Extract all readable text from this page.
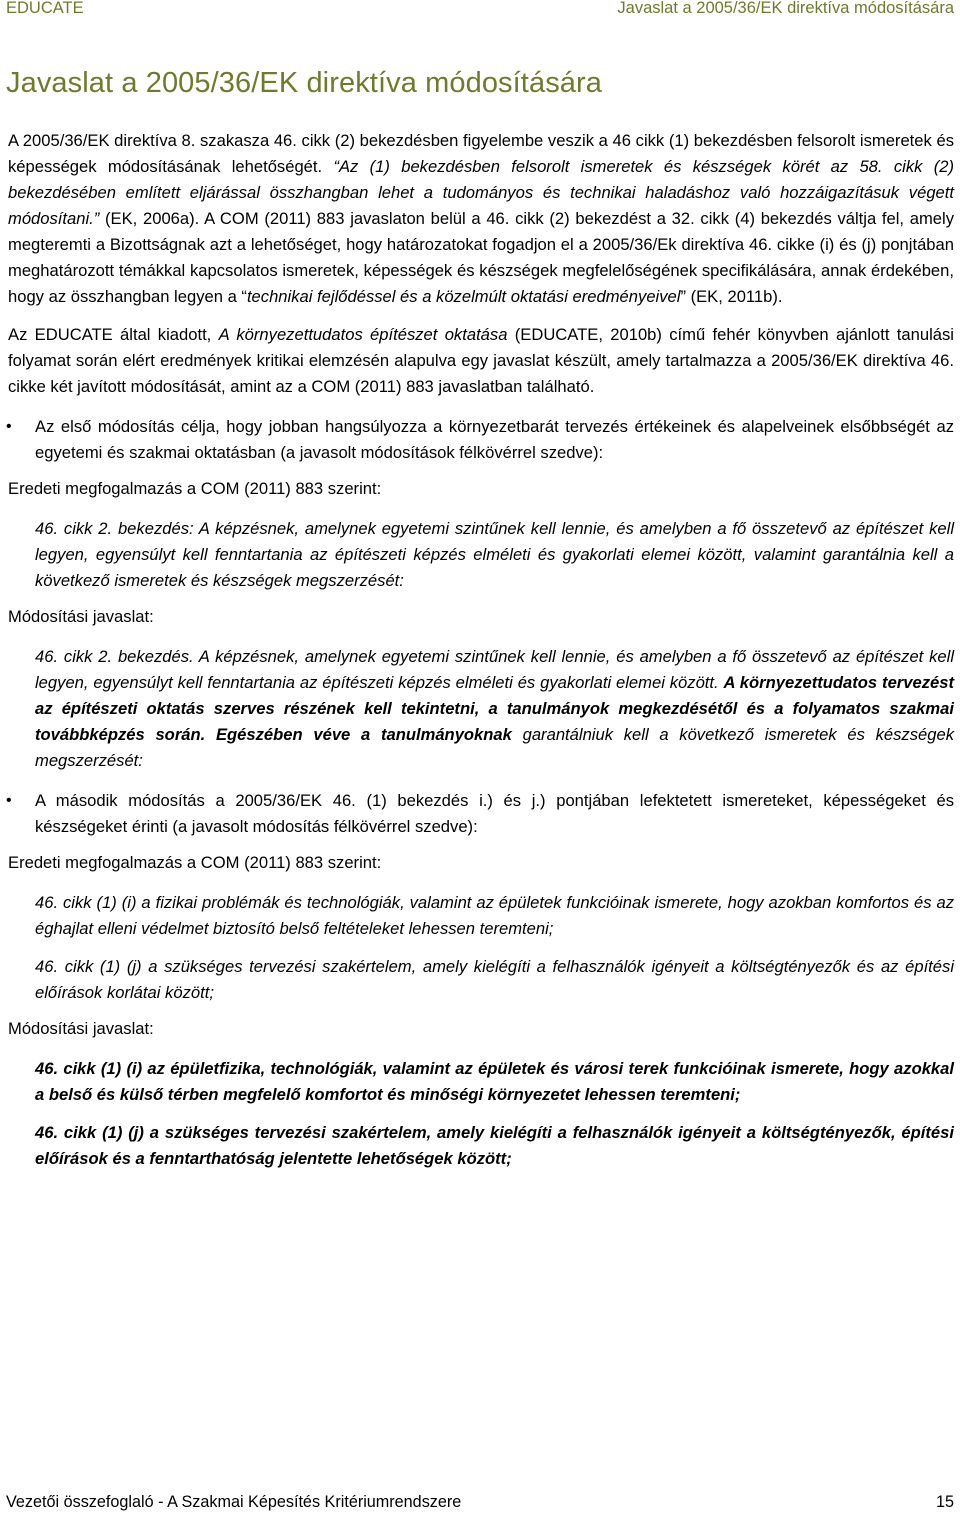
EDUCATE	Javaslat a 2005/36/EK direktíva módosítására
Javaslat a 2005/36/EK direktíva módosítására

A 2005/36/EK direktíva 8. szakasza 46. cikk (2) bekezdésben figyelembe veszik a 46 cikk (1) bekezdésben felsorolt ismeretek és képességek módosításának lehetőségét. “Az (1) bekezdésben felsorolt ismeretek és készségek körét az 58. cikk (2) bekezdésében említett eljárással összhangban lehet a tudományos és technikai haladáshoz való hozzáigazításuk végett módosítani.” (EK, 2006a). A COM (2011) 883 javaslaton belül a 46. cikk (2) bekezdést a 32. cikk (4) bekezdés váltja fel, amely megteremti a Bizottságnak azt a lehetőséget, hogy határozatokat fogadjon el a 2005/36/Ek direktíva 46. cikke (i) és (j) ponjtában meghatározott témákkal kapcsolatos ismeretek, képességek és készségek megfelelőségének specifikálására, annak érdekében, hogy az összhangban legyen a “technikai fejlődéssel és a közelmúlt oktatási eredményeivel” (EK, 2011b).

Az EDUCATE által kiadott, A környezettudatos építészet oktatása (EDUCATE, 2010b) című fehér könyvben ajánlott tanulási folyamat során elért eredmények kritikai elemzésén alapulva egy javaslat készült, amely tartalmazza a 2005/36/EK direktíva 46. cikke két javított módosítását, amint az a COM (2011) 883 javaslatban található.

• Az első módosítás célja, hogy jobban hangsúlyozza a környezetbarát tervezés értékeinek és alapelveinek elsőbbségét az egyetemi és szakmai oktatásban (a javasolt módosítások félkövérrel szedve):

Eredeti megfogalmazás a COM (2011) 883 szerint:

46. cikk 2. bekezdés: A képzésnek, amelynek egyetemi szintűnek kell lennie, és amelyben a fő összetevő az építészet kell legyen, egyensúlyt kell fenntartania az építészeti képzés elméleti és gyakorlati elemei között, valamint garantálnia kell a következő ismeretek és készségek megszerzését:

Módosítási javaslat:

46. cikk 2. bekezdés. A képzésnek, amelynek egyetemi szintűnek kell lennie, és amelyben a fő összetevő az építészet kell legyen, egyensúlyt kell fenntartania az építészeti képzés elméleti és gyakorlati elemei között. A környezettudatos tervezést az építészeti oktatás szerves részének kell tekintetni, a tanulmányok megkezdésétől és a folyamatos szakmai továbbképzés során. Egészében véve a tanulmányoknak garantálniuk kell a következő ismeretek és készségek megszerzését:

• A második módosítás a 2005/36/EK 46. (1) bekezdés i.) és j.) pontjában lefektetett ismereteket, képességeket és készségeket érinti (a javasolt módosítás félkövérrel szedve):

Eredeti megfogalmazás a COM (2011) 883 szerint:

46. cikk (1) (i) a fizikai problémák és technológiák, valamint az épületek funkcióinak ismerete, hogy azokban komfortos és az éghajlat elleni védelmet biztosító belső feltételeket lehessen teremteni;

46. cikk (1) (j) a szükséges tervezési szakértelem, amely kielégíti a felhasználók igényeit a költségtényezők és az építési előírások korlátai között;

Módosítási javaslat:

46. cikk (1) (i) az épületfizika, technológiák, valamint az épületek és városi terek funkcióinak ismerete, hogy azokkal a belső és külső térben megfelelő komfortot és minőségi környezetet lehessen teremteni;

46. cikk (1) (j) a szükséges tervezési szakértelem, amely kielégíti a felhasználók igényeit a költségtényezők, építési előírások és a fenntarthatóság jelentette lehetőségek között;

Vezetői összefoglaló - A Szakmai Képesítés Kritériumrendszere	15
